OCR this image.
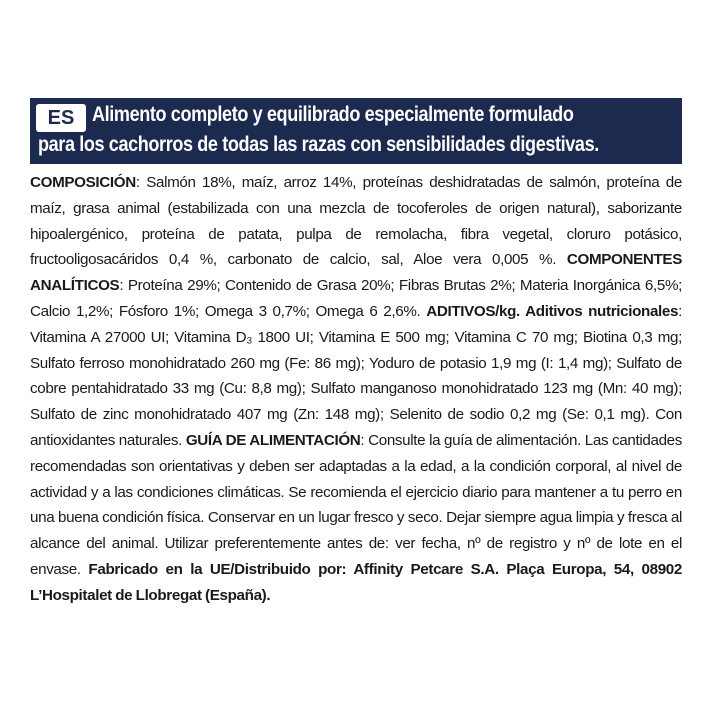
ES Alimento completo y equilibrado especialmente formulado
para los cachorros de todas las razas con sensibilidades digestivas.
COMPOSICIÓN: Salmón 18%, maíz, arroz 14%, proteínas deshidratadas de salmón, proteína de maíz, grasa animal (estabilizada con una mezcla de tocoferoles de origen natural), saborizante hipoalergénico, proteína de patata, pulpa de remolacha, fibra vegetal, cloruro potásico, fructooligosacáridos 0,4 %, carbonato de calcio, sal, Aloe vera 0,005 %. COMPONENTES ANALÍTICOS: Proteína 29%; Contenido de Grasa 20%; Fibras Brutas 2%; Materia Inorgánica 6,5%; Calcio 1,2%; Fósforo 1%; Omega 3 0,7%; Omega 6 2,6%. ADITIVOS/kg. Aditivos nutricionales: Vitamina A 27000 UI; Vitamina D₃ 1800 UI; Vitamina E 500 mg; Vitamina C 70 mg; Biotina 0,3 mg; Sulfato ferroso monohidratado 260 mg (Fe: 86 mg); Yoduro de potasio 1,9 mg (I: 1,4 mg); Sulfato de cobre pentahidratado 33 mg (Cu: 8,8 mg); Sulfato manganoso monohidratado 123 mg (Mn: 40 mg); Sulfato de zinc monohidratado 407 mg (Zn: 148 mg); Selenito de sodio 0,2 mg (Se: 0,1 mg). Con antioxidantes naturales. GUÍA DE ALIMENTACIÓN: Consulte la guía de alimentación. Las cantidades recomendadas son orientativas y deben ser adaptadas a la edad, a la condición corporal, al nivel de actividad y a las condiciones climáticas. Se recomienda el ejercicio diario para mantener a tu perro en una buena condición física. Conservar en un lugar fresco y seco. Dejar siempre agua limpia y fresca al alcance del animal. Utilizar preferentemente antes de: ver fecha, nº de registro y nº de lote en el envase. Fabricado en la UE/Distribuido por: Affinity Petcare S.A. Plaça Europa, 54, 08902 L’Hospitalet de Llobregat (España).
